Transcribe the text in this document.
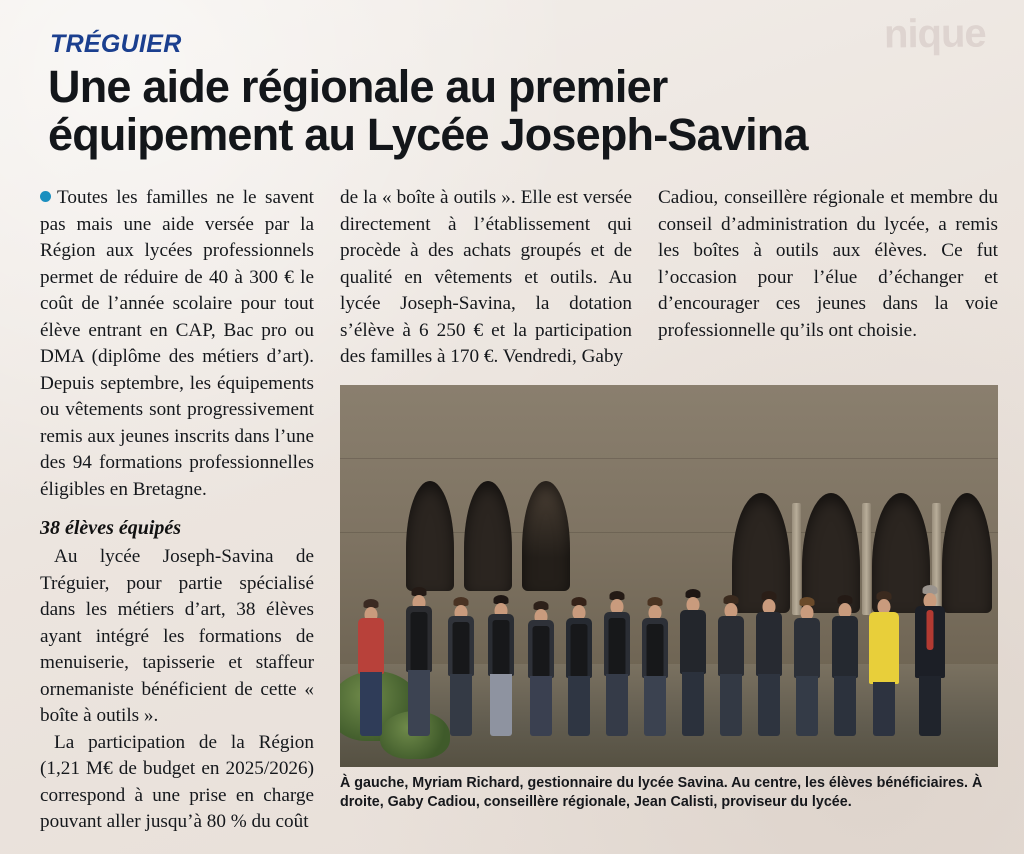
nique
TRÉGUIER
Une aide régionale au premier
équipement au Lycée Joseph-Savina

Toutes les familles ne le savent pas mais une aide versée par la Région aux lycées professionnels permet de réduire de 40 à 300 € le coût de l’année scolaire pour tout élève entrant en CAP, Bac pro ou DMA (diplôme des métiers d’art). Depuis septembre, les équipements ou vêtements sont progressivement remis aux jeunes inscrits dans l’une des 94 formations professionnelles éligibles en Bretagne.

38 élèves équipés

Au lycée Joseph-Savina de Tréguier, pour partie spécialisé dans les métiers d’art, 38 élèves ayant intégré les formations de menuiserie, tapisserie et staffeur ornemaniste bénéficient de cette « boîte à outils ».

La participation de la Région (1,21 M€ de budget en 2025/2026) correspond à une prise en charge pouvant aller jusqu’à 80 % du coût

de la « boîte à outils ». Elle est versée directement à l’établissement qui procède à des achats groupés et de qualité en vêtements et outils. Au lycée Joseph-Savina, la dotation s’élève à 6 250 € et la participation des familles à 170 €. Vendredi, Gaby

À gauche, Myriam Richard, gestionnaire du lycée Savina. Au centre, les élèves bénéficiaires. À droite, Gaby Cadiou, conseillère régionale, Jean Calisti, proviseur du lycée.

Cadiou, conseillère régionale et membre du conseil d’administration du lycée, a remis les boîtes à outils aux élèves. Ce fut l’occasion pour l’élue d’échanger et d’encourager ces jeunes dans la voie professionnelle qu’ils ont choisie.
